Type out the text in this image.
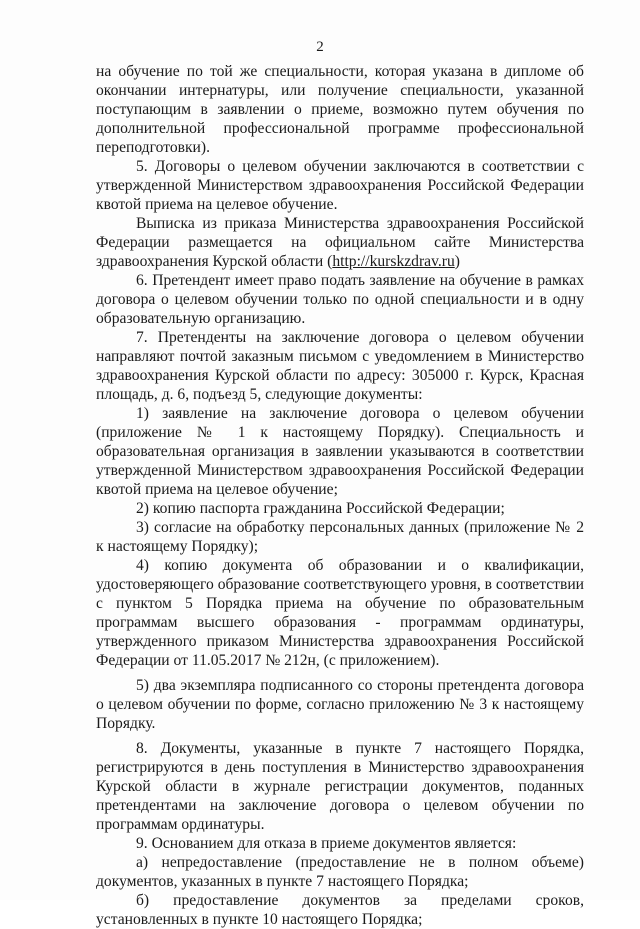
2

на обучение по той же специальности, которая указана в дипломе об окончании интернатуры, или получение специальности, указанной поступающим в заявлении о приеме, возможно путем обучения по дополнительной профессиональной программе профессиональной переподготовки).

5. Договоры о целевом обучении заключаются в соответствии с утвержденной Министерством здравоохранения Российской Федерации квотой приема на целевое обучение.

Выписка из приказа Министерства здравоохранения Российской Федерации размещается на официальном сайте Министерства здравоохранения Курской области (http://kurskzdrav.ru)

6. Претендент имеет право подать заявление на обучение в рамках договора о целевом обучении только по одной специальности и в одну образовательную организацию.

7. Претенденты на заключение договора о целевом обучении направляют почтой заказным письмом с уведомлением в Министерство здравоохранения Курской области по адресу: 305000 г. Курск, Красная площадь, д. 6, подъезд 5, следующие документы:

1) заявление на заключение договора о целевом обучении (приложение № 1 к настоящему Порядку). Специальность и образовательная организация в заявлении указываются в соответствии утвержденной Министерством здравоохранения Российской Федерации квотой приема на целевое обучение;

2) копию паспорта гражданина Российской Федерации;

3) согласие на обработку персональных данных (приложение № 2 к настоящему Порядку);

4) копию документа об образовании и о квалификации, удостоверяющего образование соответствующего уровня, в соответствии с пунктом 5 Порядка приема на обучение по образовательным программам высшего образования - программам ординатуры, утвержденного приказом Министерства здравоохранения Российской Федерации от 11.05.2017 № 212н, (с приложением).

5) два экземпляра подписанного со стороны претендента договора о целевом обучении по форме, согласно приложению № 3 к настоящему Порядку.

8. Документы, указанные в пункте 7 настоящего Порядка, регистрируются в день поступления в Министерство здравоохранения Курской области в журнале регистрации документов, поданных претендентами на заключение договора о целевом обучении по программам ординатуры.

9. Основанием для отказа в приеме документов является:

а) непредоставление (предоставление не в полном объеме) документов, указанных в пункте 7 настоящего Порядка;

б) предоставление документов за пределами сроков, установленных в пункте 10 настоящего Порядка;
